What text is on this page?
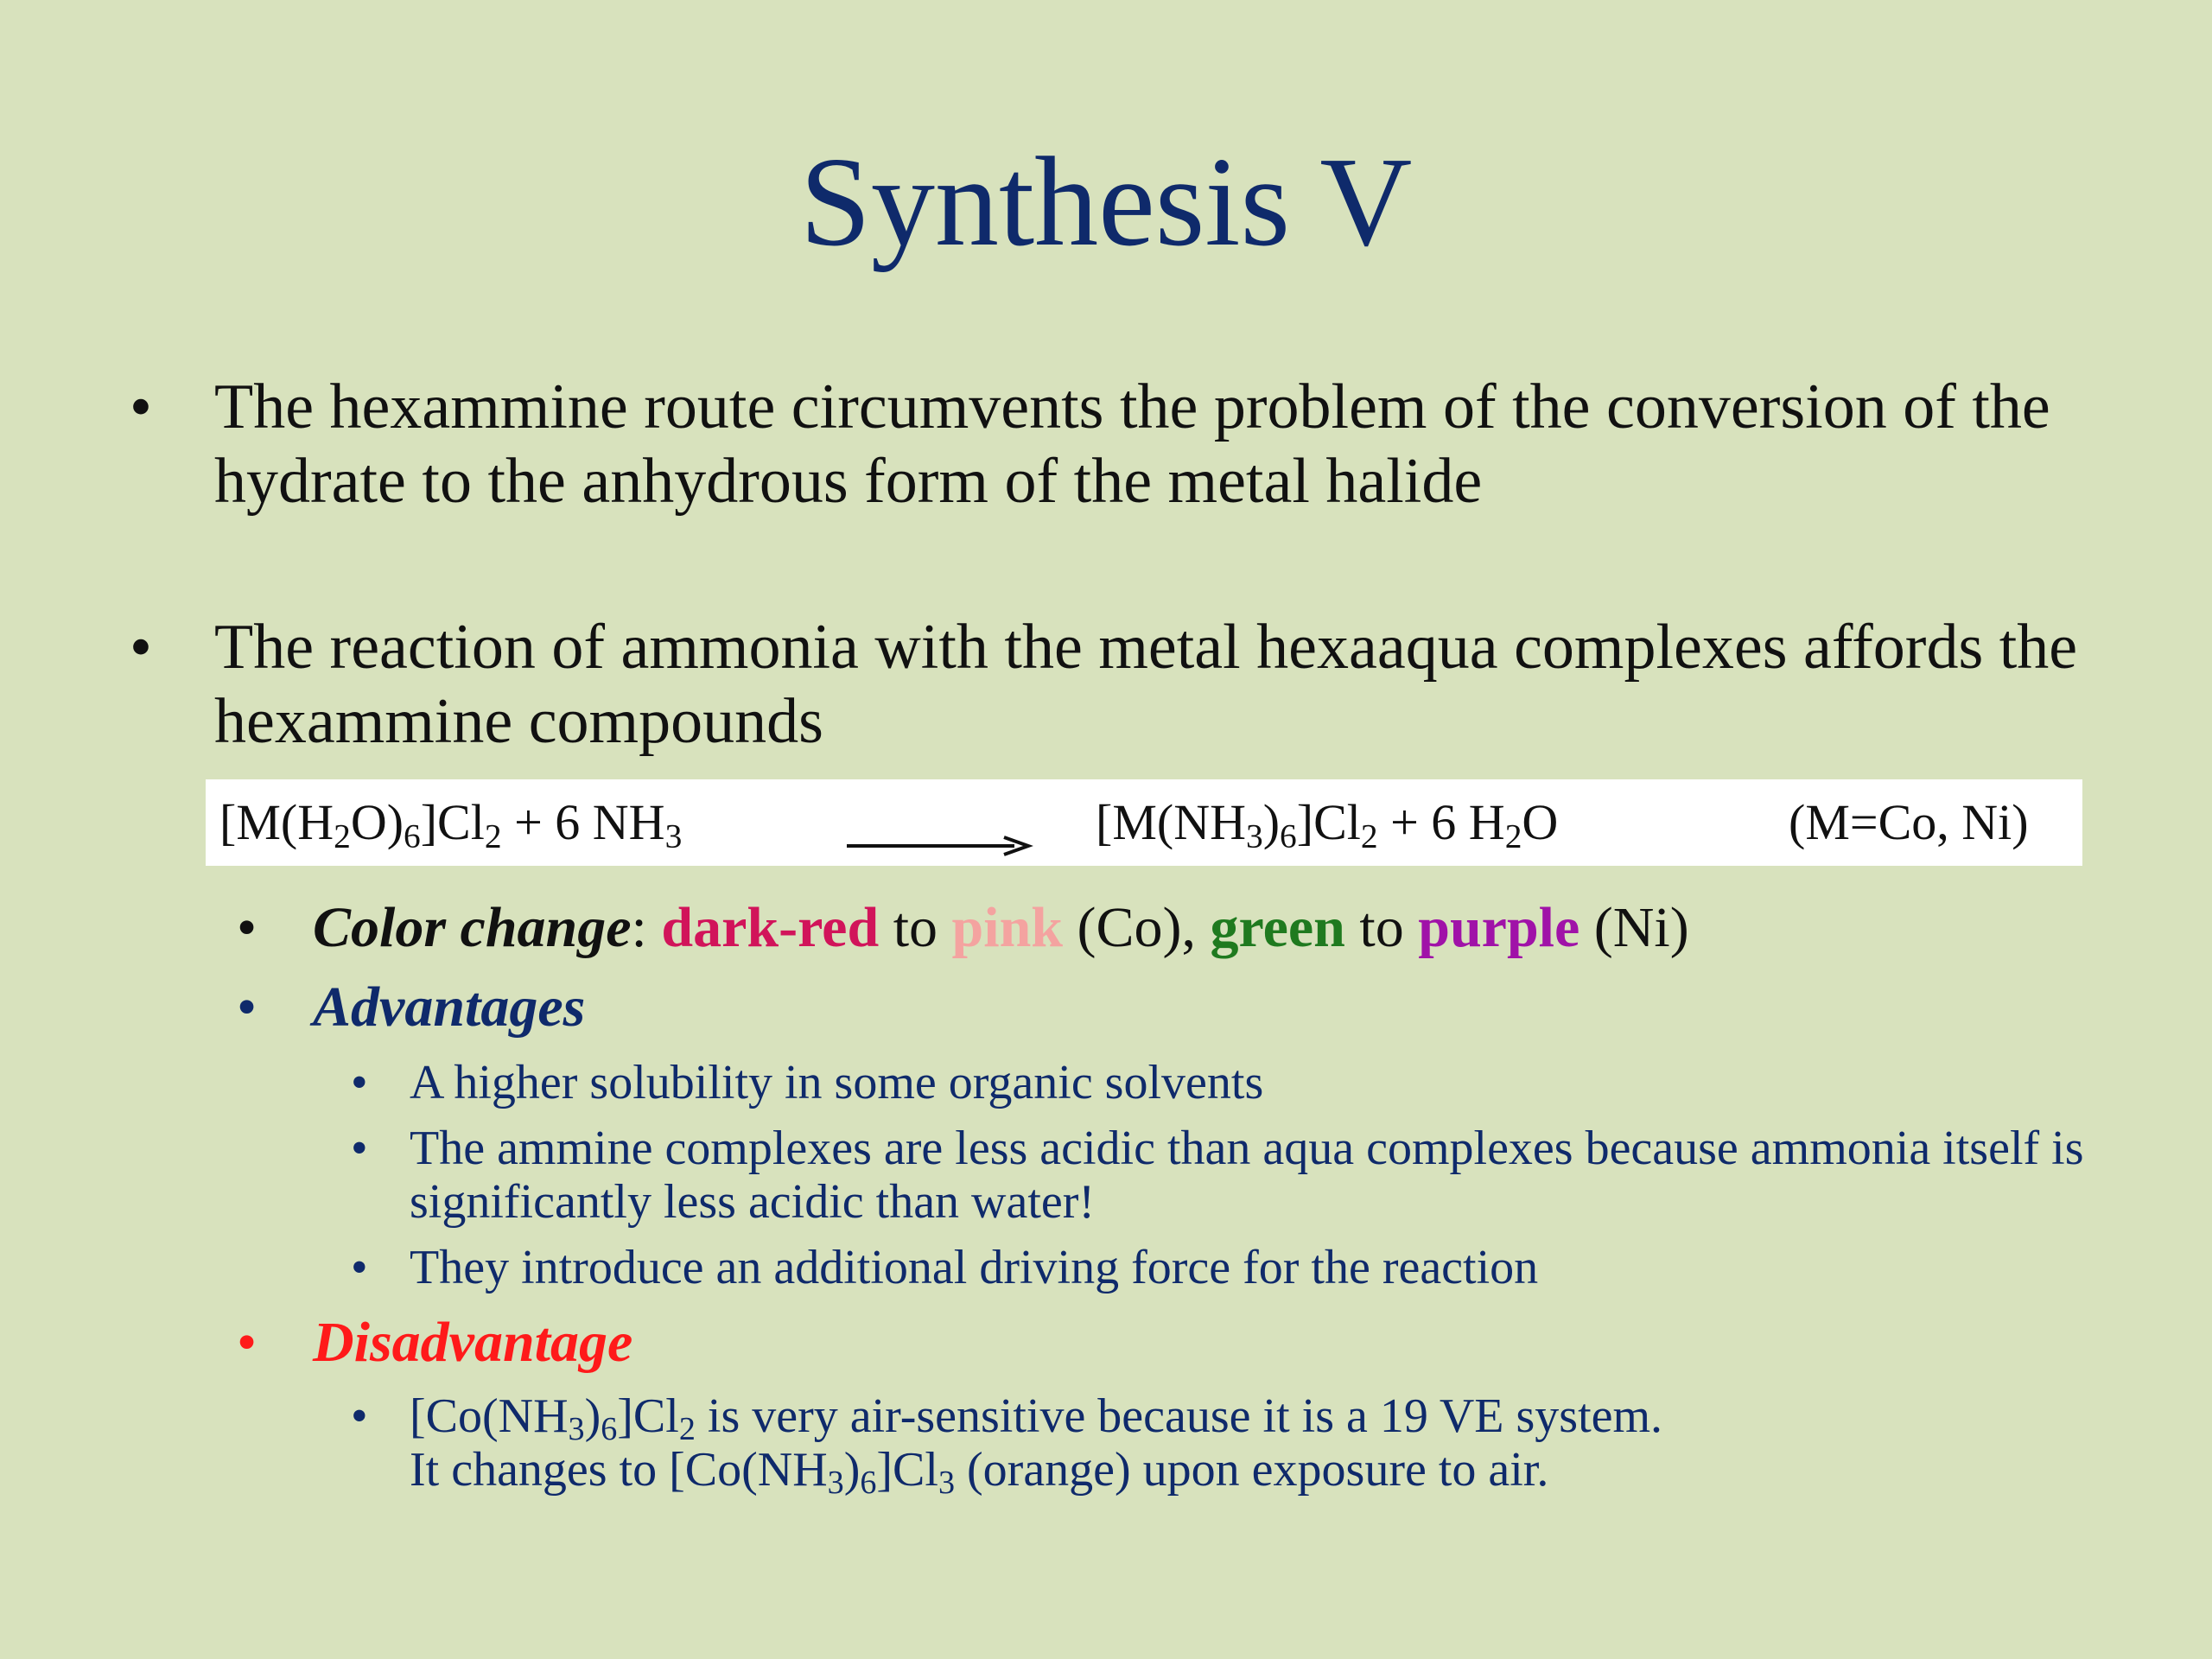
Synthesis V
• The hexammine route circumvents the problem of the conversion of the hydrate to the anhydrous form of the metal halide
• The reaction of ammonia with the metal hexaaqua complexes affords the hexammine compounds
$[M(H_2O)_6]Cl_2 + 6$ $NH_3$	→ $[M(NH_3)_6]Cl_2 + 6$ $H_2O$	(M=Co, Ni)
• Color change: dark-red to pink (Co), green to purple (Ni)
• Advantages
• A higher solubility in some organic solvents
• The ammine complexes are less acidic than aqua complexes because ammonia itself is significantly less acidic than water!
• They introduce an additional driving force for the reaction
• Disadvantage
• $[Co(NH_3)_6]Cl_2$ is very air-sensitive because it is a 19 VE system.
It changes to $[Co(NH_3)_6]Cl_3$ (orange) upon exposure to air.
